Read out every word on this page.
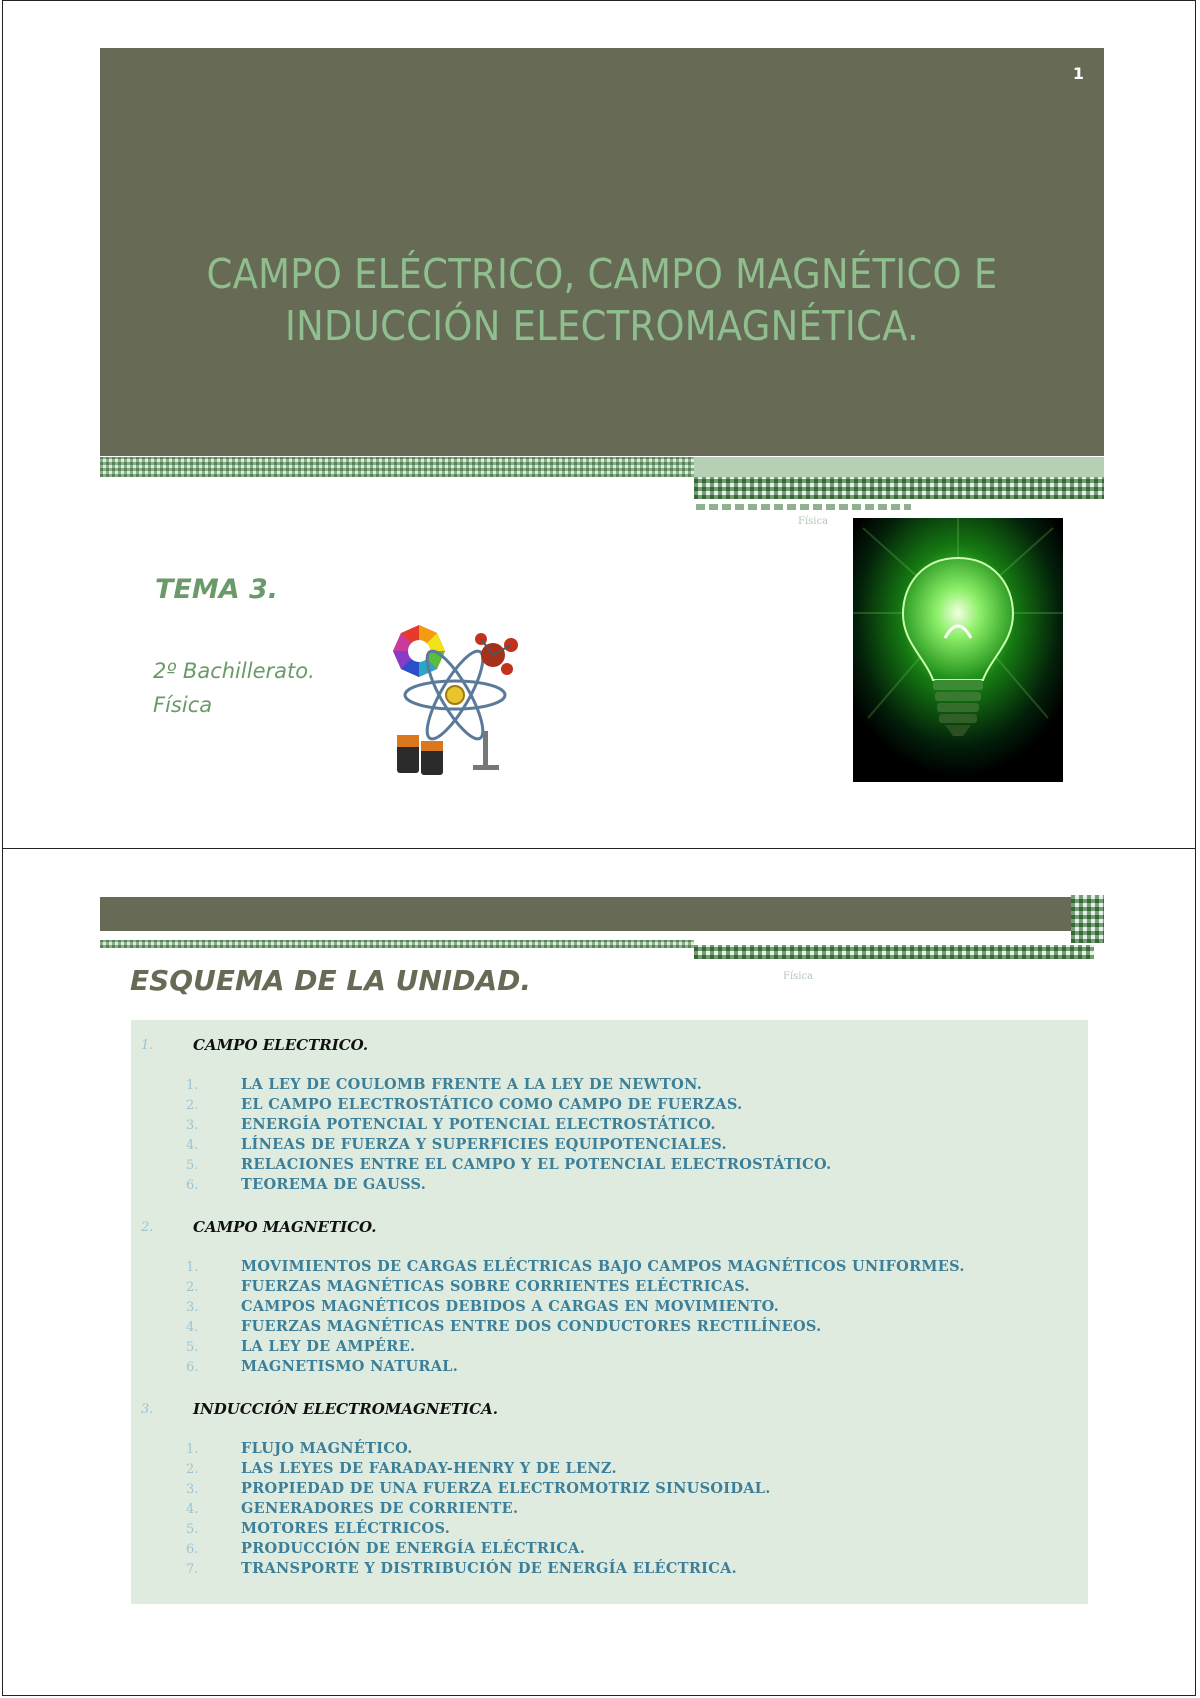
1
CAMPO ELÉCTRICO, CAMPO MAGNÉTICO E
INDUCCIÓN ELECTROMAGNÉTICA.
Física
TEMA 3.
2º Bachillerato.
Física
Física
ESQUEMA DE LA UNIDAD.
1.	CAMPO ELECTRICO.
1.	LA LEY DE COULOMB FRENTE A LA LEY DE NEWTON.
2.	EL CAMPO ELECTROSTÁTICO COMO CAMPO DE FUERZAS.
3.	ENERGÍA POTENCIAL Y POTENCIAL ELECTROSTÁTICO.
4.	LÍNEAS DE FUERZA Y SUPERFICIES EQUIPOTENCIALES.
5.	RELACIONES ENTRE EL CAMPO Y EL POTENCIAL ELECTROSTÁTICO.
6.	TEOREMA DE GAUSS.
2.	CAMPO MAGNETICO.
1.	MOVIMIENTOS DE CARGAS ELÉCTRICAS BAJO CAMPOS MAGNÉTICOS UNIFORMES.
2.	FUERZAS MAGNÉTICAS SOBRE CORRIENTES ELÉCTRICAS.
3.	CAMPOS MAGNÉTICOS DEBIDOS A CARGAS EN MOVIMIENTO.
4.	FUERZAS MAGNÉTICAS ENTRE DOS CONDUCTORES RECTILÍNEOS.
5.	LA LEY DE AMPÉRE.
6.	MAGNETISMO NATURAL.
3.	INDUCCIÓN ELECTROMAGNETICA.
1.	FLUJO MAGNÉTICO.
2.	LAS LEYES DE FARADAY-HENRY Y DE LENZ.
3.	PROPIEDAD DE UNA FUERZA ELECTROMOTRIZ SINUSOIDAL.
4.	GENERADORES DE CORRIENTE.
5.	MOTORES ELÉCTRICOS.
6.	PRODUCCIÓN DE ENERGÍA ELÉCTRICA.
7.	TRANSPORTE Y DISTRIBUCIÓN DE ENERGÍA ELÉCTRICA.
